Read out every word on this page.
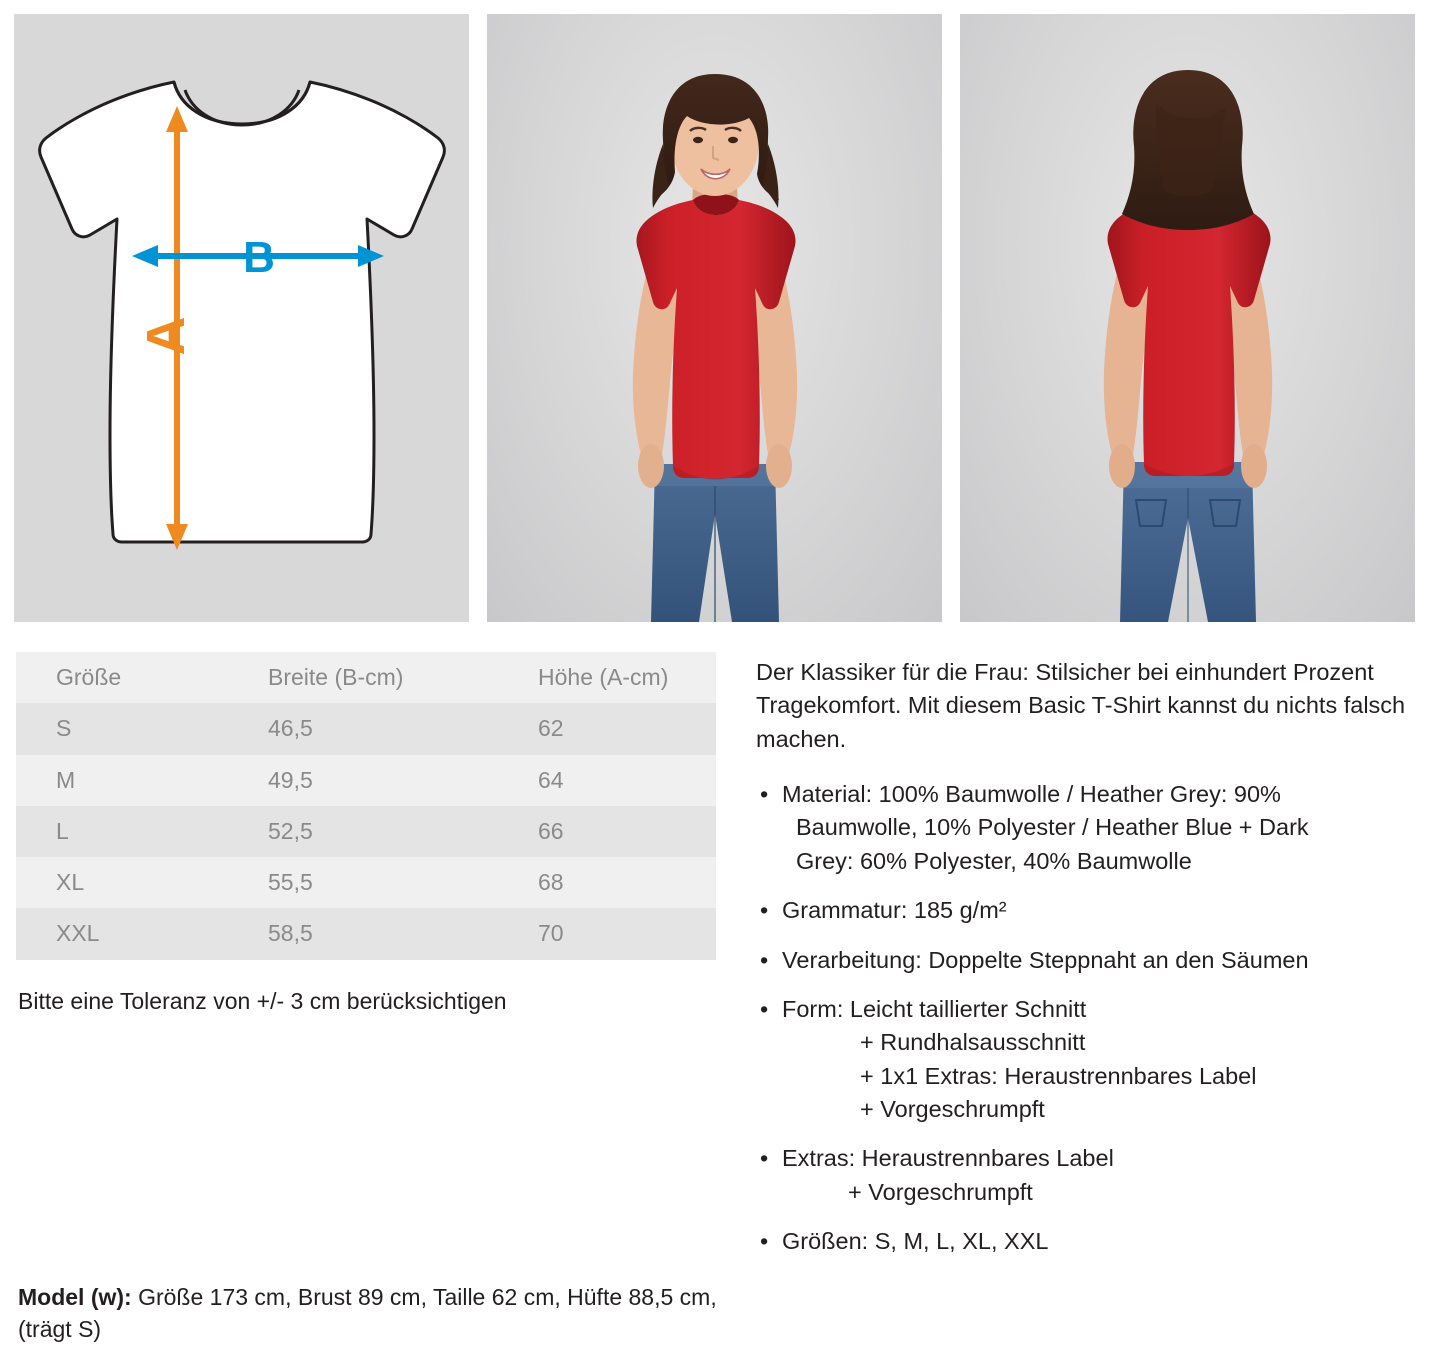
A
B
Größe	Breite (B-cm)	Höhe (A-cm)
S	46,5	62
M	49,5	64
L	52,5	66
XL	55,5	68
XXL	58,5	70
Bitte eine Toleranz von +/- 3 cm berücksichtigen

Der Klassiker für die Frau: Stilsicher bei einhundert Prozent Tragekomfort. Mit diesem Basic T-Shirt kannst du nichts falsch machen.

• Material: 100% Baumwolle / Heather Grey: 90%
Baumwolle, 10% Polyester / Heather Blue + Dark
Grey: 60% Polyester, 40% Baumwolle
• Grammatur: 185 g/m²
• Verarbeitung: Doppelte Steppnaht an den Säumen
• Form: Leicht taillierter Schnitt
+ Rundhalsausschnitt
+ 1x1 Extras: Heraustrennbares Label
+ Vorgeschrumpft
• Extras: Heraustrennbares Label
+ Vorgeschrumpft
• Größen: S, M, L, XL, XXL
Model (w): Größe 173 cm, Brust 89 cm, Taille 62 cm, Hüfte 88,5 cm, (trägt S)
